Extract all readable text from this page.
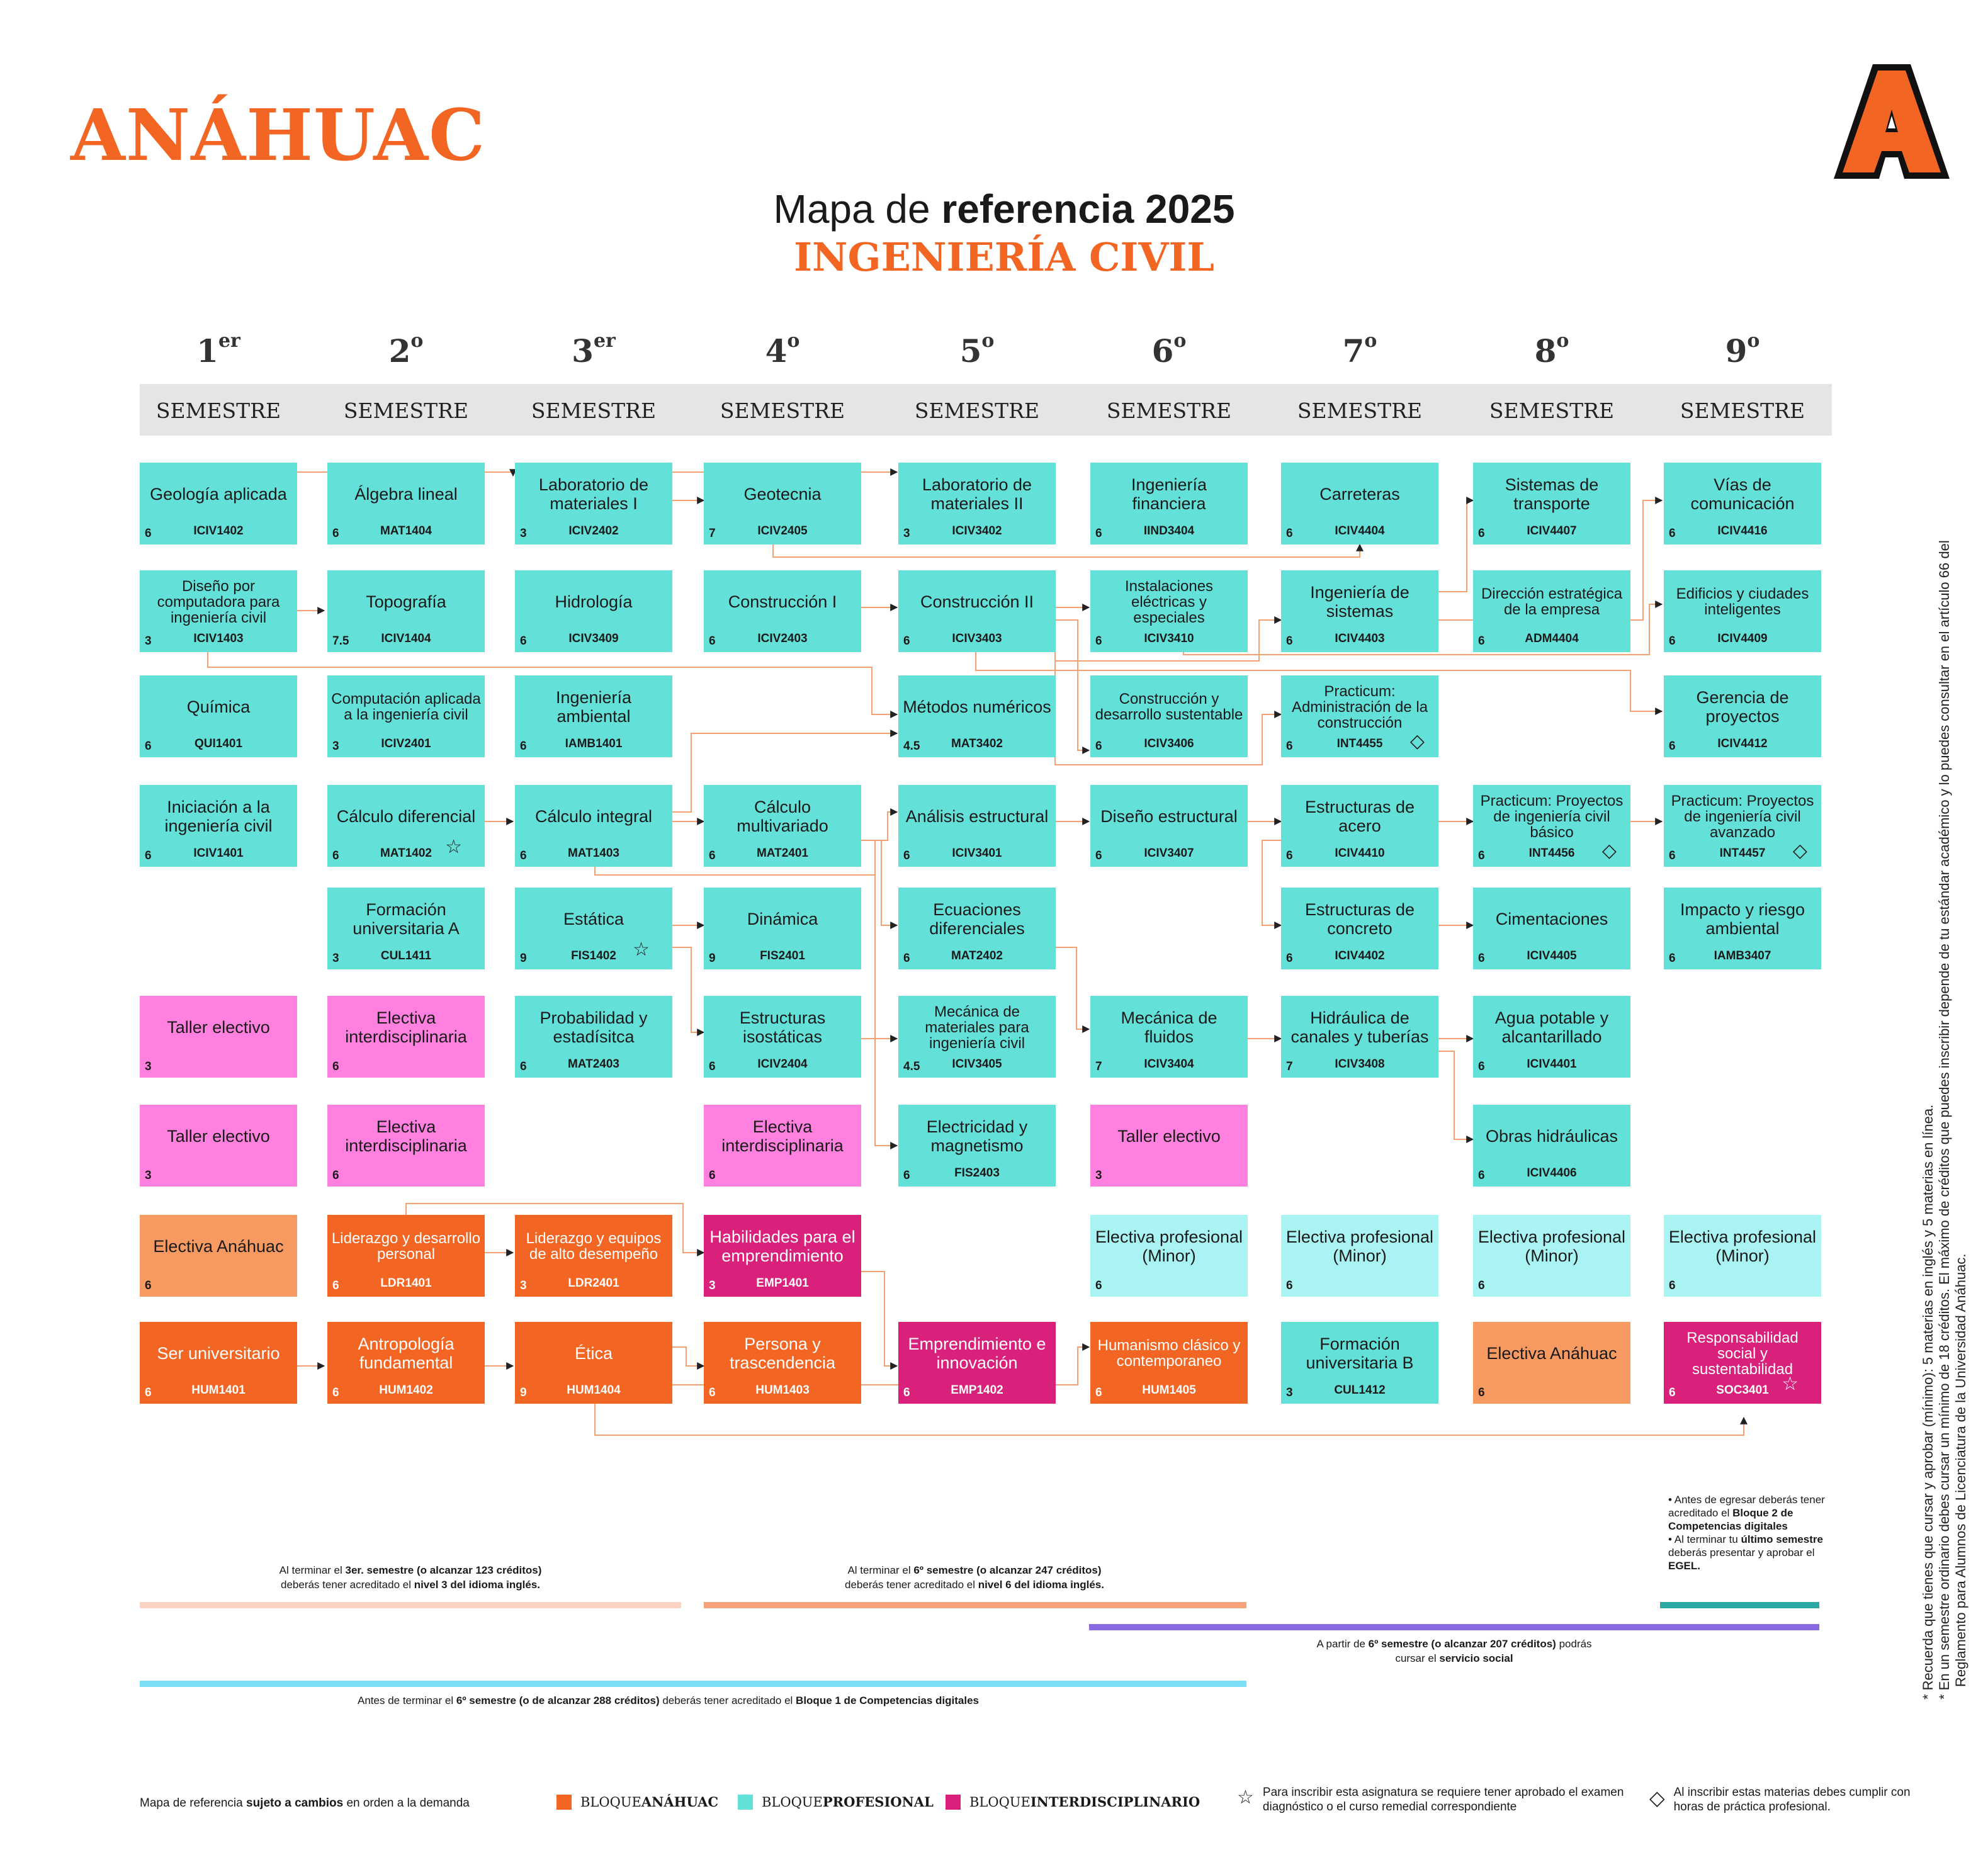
ANÁHUAC
Mapa de referencia 2025
INGENIERÍA CIVIL
1er
SEMESTRE
2$^o$
SEMESTRE
3er
SEMESTRE
4$^o$
SEMESTRE
5$^o$
SEMESTRE
6$^o$
SEMESTRE
7$^o$
SEMESTRE
8$^o$
SEMESTRE
9$^o$
SEMESTRE
Geología aplicada
6	ICIV1402
Diseño por computadora para ingeniería civil
3	ICIV1403
Química
6	QUI1401
Iniciación a la ingeniería civil
6	ICIV1401
Taller electivo
3
Taller electivo
3
Electiva Anáhuac
6
Ser universitario
6	HUM1401
Álgebra lineal
6	MAT1404
Topografía
7.5	ICIV1404
Computación aplicada a la ingeniería civil
3	ICIV2401
Cálculo diferencial
6	MAT1402 ☆
Formación universitaria A
3	CUL1411
Electiva interdisciplinaria
6
Electiva interdisciplinaria
6
Liderazgo y desarrollo personal
6	LDR1401
Antropología fundamental
6	HUM1402
Laboratorio de materiales I
3	ICIV2402
Hidrología
6	ICIV3409
Ingeniería ambiental
6	IAMB1401
Cálculo integral
6	MAT1403
Estática
9	FIS1402 ☆
Probabilidad y estadísitca
6	MAT2403
Liderazgo y equipos de alto desempeño
3	LDR2401
Ética
9	HUM1404
Geotecnia
7	ICIV2405
Construcción I
6	ICIV2403
Cálculo multivariado
6	MAT2401
Dinámica
9	FIS2401
Estructuras isostáticas
6	ICIV2404
Electiva interdisciplinaria
6
Habilidades para el emprendimiento
3	EMP1401
Persona y trascendencia
6	HUM1403
Laboratorio de materiales II
3	ICIV3402
Construcción II
6	ICIV3403
Métodos numéricos
4.5	MAT3402
Análisis estructural
6	ICIV3401
Ecuaciones diferenciales
6	MAT2402
Mecánica de materiales para ingeniería civil
4.5	ICIV3405
Electricidad y magnetismo
6	FIS2403
Emprendimiento e innovación
6	EMP1402
Ingeniería financiera
6	IIND3404
Instalaciones eléctricas y especiales
6	ICIV3410
Construcción y desarrollo sustentable
6	ICIV3406
Diseño estructural
6	ICIV3407
Mecánica de fluidos
7	ICIV3404
Taller electivo
3
Electiva profesional (Minor)
6
Humanismo clásico y contemporaneo
6	HUM1405
Carreteras
6	ICIV4404
Ingeniería de sistemas
6	ICIV4403
Practicum: Administración de la construcción
6	INT4455	◇
Estructuras de acero
6	ICIV4410
Estructuras de concreto
6	ICIV4402
Hidráulica de canales y tuberías
7	ICIV3408
Electiva profesional (Minor)
6
Formación universitaria B
3	CUL1412
Sistemas de transporte
6	ICIV4407
Dirección estratégica de la empresa
6	ADM4404
Practicum: Proyectos de ingeniería civil básico
6	INT4456	◇
Cimentaciones
6	ICIV4405
Agua potable y alcantarillado
6	ICIV4401
Obras hidráulicas
6	ICIV4406
Electiva profesional (Minor)
6
Electiva Anáhuac
6
Vías de comunicación
6	ICIV4416
Edificios y ciudades inteligentes
6	ICIV4409
Gerencia de proyectos
6	ICIV4412
Practicum: Proyectos de ingeniería civil avanzado
6	INT4457	◇
Impacto y riesgo ambiental
6	IAMB3407
Electiva profesional (Minor)
6
Responsabilidad social y sustentabilidad
6	SOC3401 ☆
Al terminar el 3er. semestre (o alcanzar 123 créditos)
deberás tener acreditado el nivel 3 del idioma inglés.
Al terminar el 6º semestre (o alcanzar 247 créditos)
deberás tener acreditado el nivel 6 del idioma inglés.
A partir de 6º semestre (o alcanzar 207 créditos) podrás
cursar el servicio social
Antes de terminar el 6º semestre (o de alcanzar 288 créditos) deberás tener acreditado el Bloque 1 de Competencias digitales
• Antes de egresar deberás tener acreditado el Bloque 2 de Competencias digitales
• Al terminar tu último semestre deberás presentar y aprobar el EGEL.	* Recuerda que tienes que cursar y aprobar (mínimo): 5 materias en inglés y 5 materias en línea. * En un semestre ordinario debes cursar un mínimo de 18 créditos. El máximo de créditos que puedes inscribir depende de tu estándar académico y lo puedes consultar en el artículo 66 del Reglamento para Alumnos de Licenciatura de la Universidad Anáhuac.
Mapa de referencia sujeto a cambios en orden a la demanda	BLOQUE ANÁHUAC	BLOQUE PROFESIONAL	BLOQUE INTERDISCIPLINARIO ☆ Para inscribir esta asignatura se requiere tener aprobado el examen diagnóstico o el curso remedial correspondiente	◇ Al inscribir estas materias debes cumplir con horas de práctica profesional.
